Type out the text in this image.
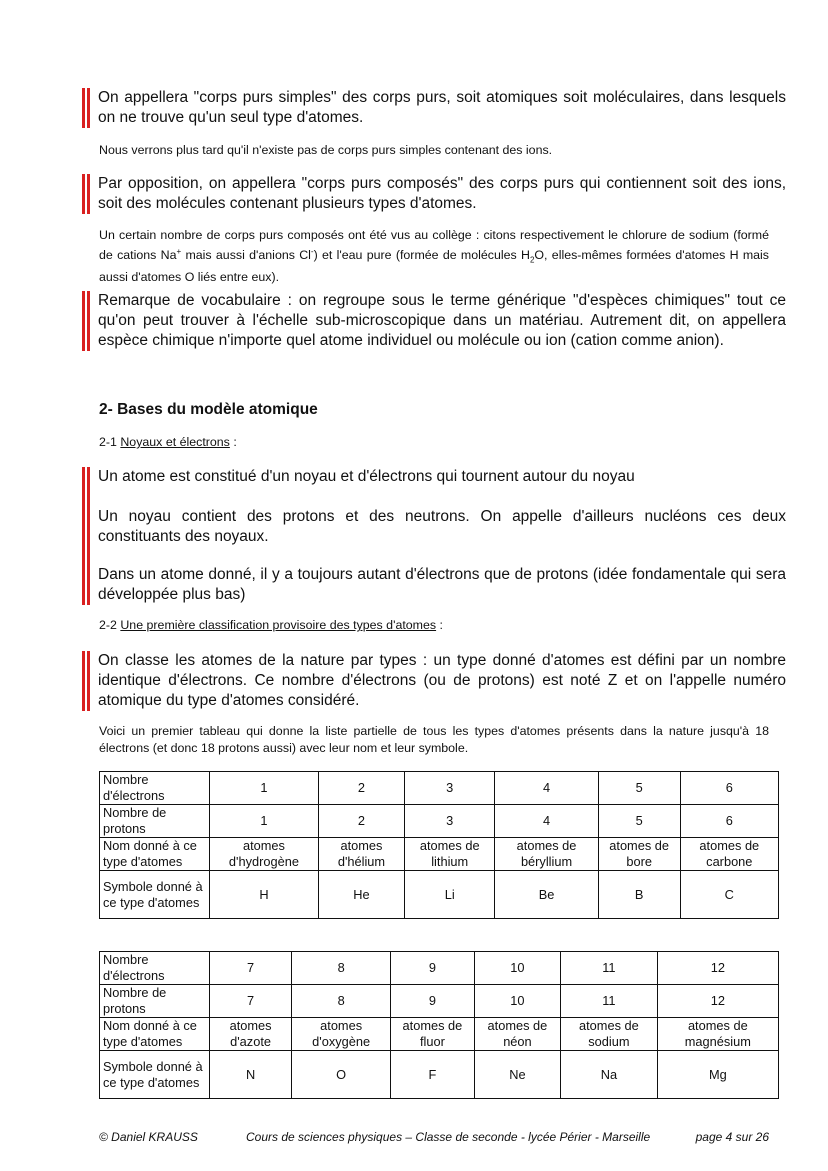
On appellera "corps purs simples" des corps purs, soit atomiques soit moléculaires, dans lesquels on ne trouve qu'un seul type d'atomes.

Nous verrons plus tard qu'il n'existe pas de corps purs simples contenant des ions.

Par opposition, on appellera "corps purs composés" des corps purs qui contiennent soit des ions, soit des molécules contenant plusieurs types d'atomes.

Un certain nombre de corps purs composés ont été vus au collège : citons respectivement le chlorure de sodium (formé de cations Na+ mais aussi d'anions Cl-) et l'eau pure (formée de molécules $H_2O$, elles-mêmes formées d'atomes H mais aussi d'atomes O liés entre eux).

Remarque de vocabulaire : on regroupe sous le terme générique "d'espèces chimiques" tout ce qu'on peut trouver à l'échelle sub-microscopique dans un matériau. Autrement dit, on appellera espèce chimique n'importe quel atome individuel ou molécule ou ion (cation comme anion).

2- Bases du modèle atomique
2-1 Noyaux et électrons :

Un atome est constitué d'un noyau et d'électrons qui tournent autour du noyau

Un noyau contient des protons et des neutrons. On appelle d'ailleurs nucléons ces deux constituants des noyaux.

Dans un atome donné, il y a toujours autant d'électrons que de protons (idée fondamentale qui sera développée plus bas)

2-2 Une première classification provisoire des types d'atomes :

On classe les atomes de la nature par types : un type donné d'atomes est défini par un nombre identique d'électrons. Ce nombre d'électrons (ou de protons) est noté Z et on l'appelle numéro atomique du type d'atomes considéré.

Voici un premier tableau qui donne la liste partielle de tous les types d'atomes présents dans la nature jusqu'à 18 électrons (et donc 18 protons aussi) avec leur nom et leur symbole.

Nombre d'électrons	1	2	3	4	5	6
Nombre de protons	1	2	3	4	5	6
Nom donné à ce type d'atomes	atomes d'hydrogène	atomes d'hélium	atomes de lithium	atomes de béryllium	atomes de bore	atomes de carbone
Symbole donné à ce type d'atomes	H	He	Li	Be	B	C
Nombre d'électrons	7	8	9	10	11	12
Nombre de protons	7	8	9	10	11	12
Nom donné à ce type d'atomes	atomes d'azote	atomes d'oxygène	atomes de fluor	atomes de néon	atomes de sodium	atomes de magnésium
Symbole donné à ce type d'atomes	N	O	F	Ne	Na	Mg
© Daniel KRAUSS	Cours de sciences physiques – Classe de seconde - lycée Périer - Marseille	page 4 sur 26
